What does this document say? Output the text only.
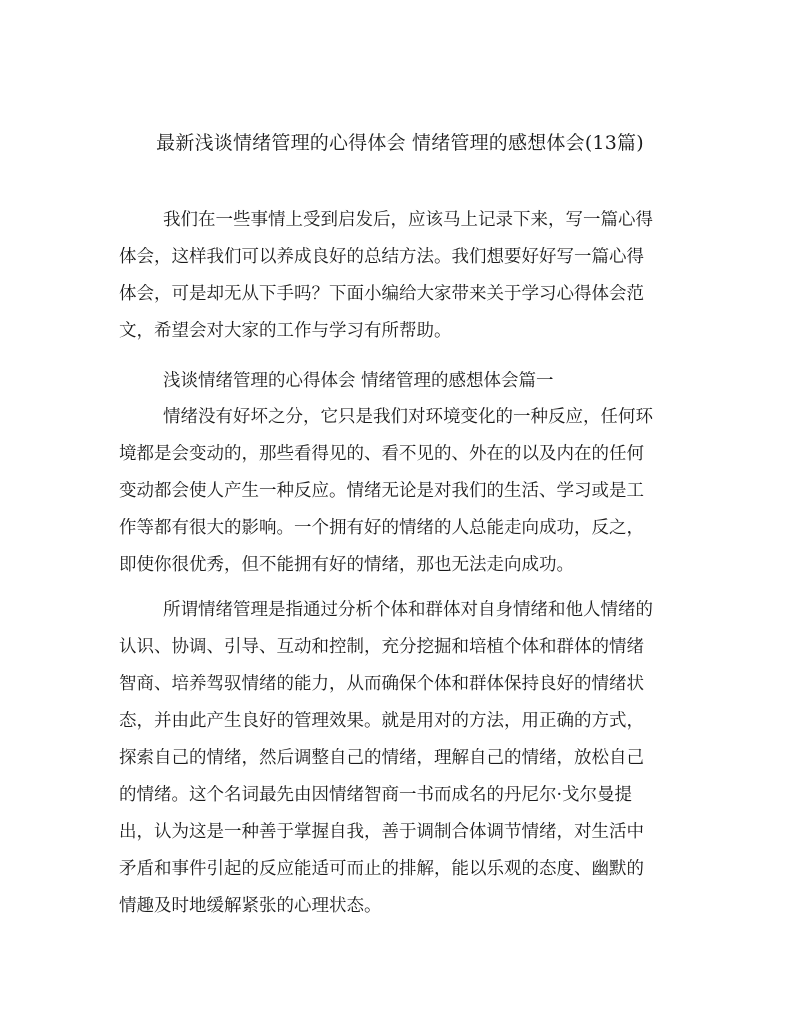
最新浅谈情绪管理的心得体会 情绪管理的感想体会(13篇)
我们在一些事情上受到启发后，应该马上记录下来，写一篇心得
体会，这样我们可以养成良好的总结方法。我们想要好好写一篇心得
体会，可是却无从下手吗？下面小编给大家带来关于学习心得体会范
文，希望会对大家的工作与学习有所帮助。
浅谈情绪管理的心得体会 情绪管理的感想体会篇一
情绪没有好坏之分，它只是我们对环境变化的一种反应，任何环
境都是会变动的，那些看得见的、看不见的、外在的以及内在的任何
变动都会使人产生一种反应。情绪无论是对我们的生活、学习或是工
作等都有很大的影响。一个拥有好的情绪的人总能走向成功，反之，
即使你很优秀，但不能拥有好的情绪，那也无法走向成功。
所谓情绪管理是指通过分析个体和群体对自身情绪和他人情绪的
认识、协调、引导、互动和控制，充分挖掘和培植个体和群体的情绪
智商、培养驾驭情绪的能力，从而确保个体和群体保持良好的情绪状
态，并由此产生良好的管理效果。就是用对的方法，用正确的方式，
探索自己的情绪，然后调整自己的情绪，理解自己的情绪，放松自己
的情绪。这个名词最先由因情绪智商一书而成名的丹尼尔·戈尔曼提
出，认为这是一种善于掌握自我，善于调制合体调节情绪，对生活中
矛盾和事件引起的反应能适可而止的排解，能以乐观的态度、幽默的
情趣及时地缓解紧张的心理状态。
